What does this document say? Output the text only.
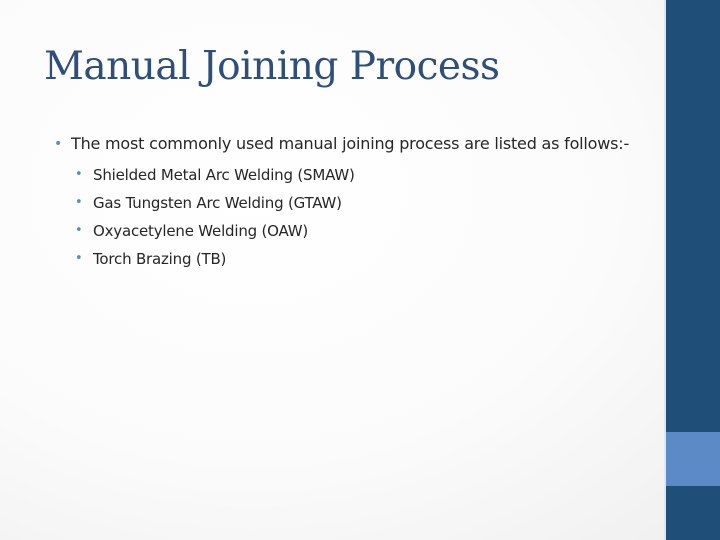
Manual Joining Process
• The most commonly used manual joining process are listed as follows:-
• Shielded Metal Arc Welding (SMAW)
• Gas Tungsten Arc Welding (GTAW)
• Oxyacetylene Welding (OAW)
• Torch Brazing (TB)
